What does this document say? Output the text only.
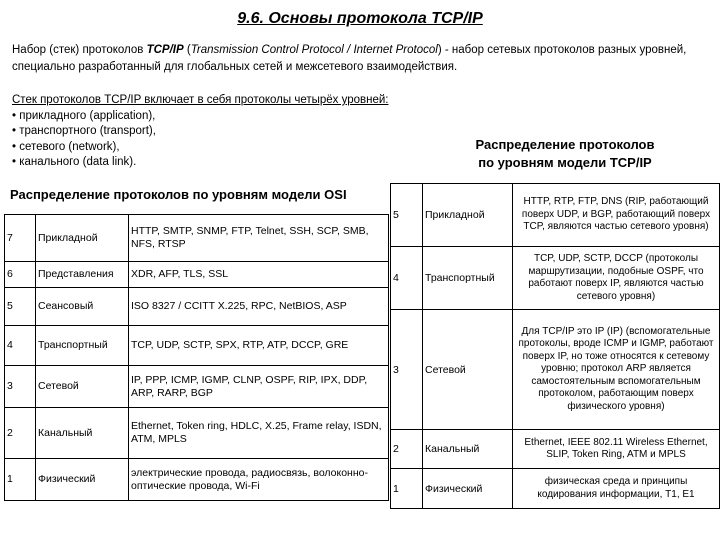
9.6. Основы протокола TCP/IP
Набор (стек) протоколов TCP/IP (Transmission Control Protocol / Internet Protocol) - набор сетевых протоколов разных уровней, специально разработанный для глобальных сетей и межсетевого взаимодействия.
Стек протоколов TCP/IP включает в себя протоколы четырёх уровней:
• прикладного (application),
• транспортного (transport),
• сетевого (network),
• канального (data link).
Распределение протоколов
по уровням модели TCP/IP
Распределение протоколов по уровням модели OSI
7	Прикладной	HTTP, SMTP, SNMP, FTP, Telnet, SSH, SCP, SMB, NFS, RTSP
6	Представления	XDR, AFP, TLS, SSL
5	Сеансовый	ISO 8327 / CCITT X.225, RPC, NetBIOS, ASP
4	Транспортный	TCP, UDP, SCTP, SPX, RTP, ATP, DCCP, GRE
3	Сетевой	IP, PPP, ICMP, IGMP, CLNP, OSPF, RIP, IPX, DDP, ARP, RARP, BGP
2	Канальный	Ethernet, Token ring, HDLC, X.25, Frame relay, ISDN, ATM, MPLS
1	Физический	электрические провода, радиосвязь, волоконно-оптические провода, Wi-Fi
5	Прикладной	HTTP, RTP, FTP, DNS (RIP, работающий поверх UDP, и BGP, работающий поверх TCP, являются частью сетевого уровня)
4	Транспортный	TCP, UDP, SCTP, DCCP (протоколы маршрутизации, подобные OSPF, что работают поверх IP, являются частью сетевого уровня)
3	Сетевой	Для TCP/IP это IP (IP) (вспомогательные протоколы, вроде ICMP и IGMP, работают поверх IP, но тоже относятся к сетевому уровню; протокол ARP является самостоятельным вспомогательным протоколом, работающим поверх физического уровня)
2	Канальный	Ethernet, IEEE 802.11 Wireless Ethernet, SLIP, Token Ring, ATM и MPLS
1	Физический	физическая среда и принципы кодирования информации, T1, E1
